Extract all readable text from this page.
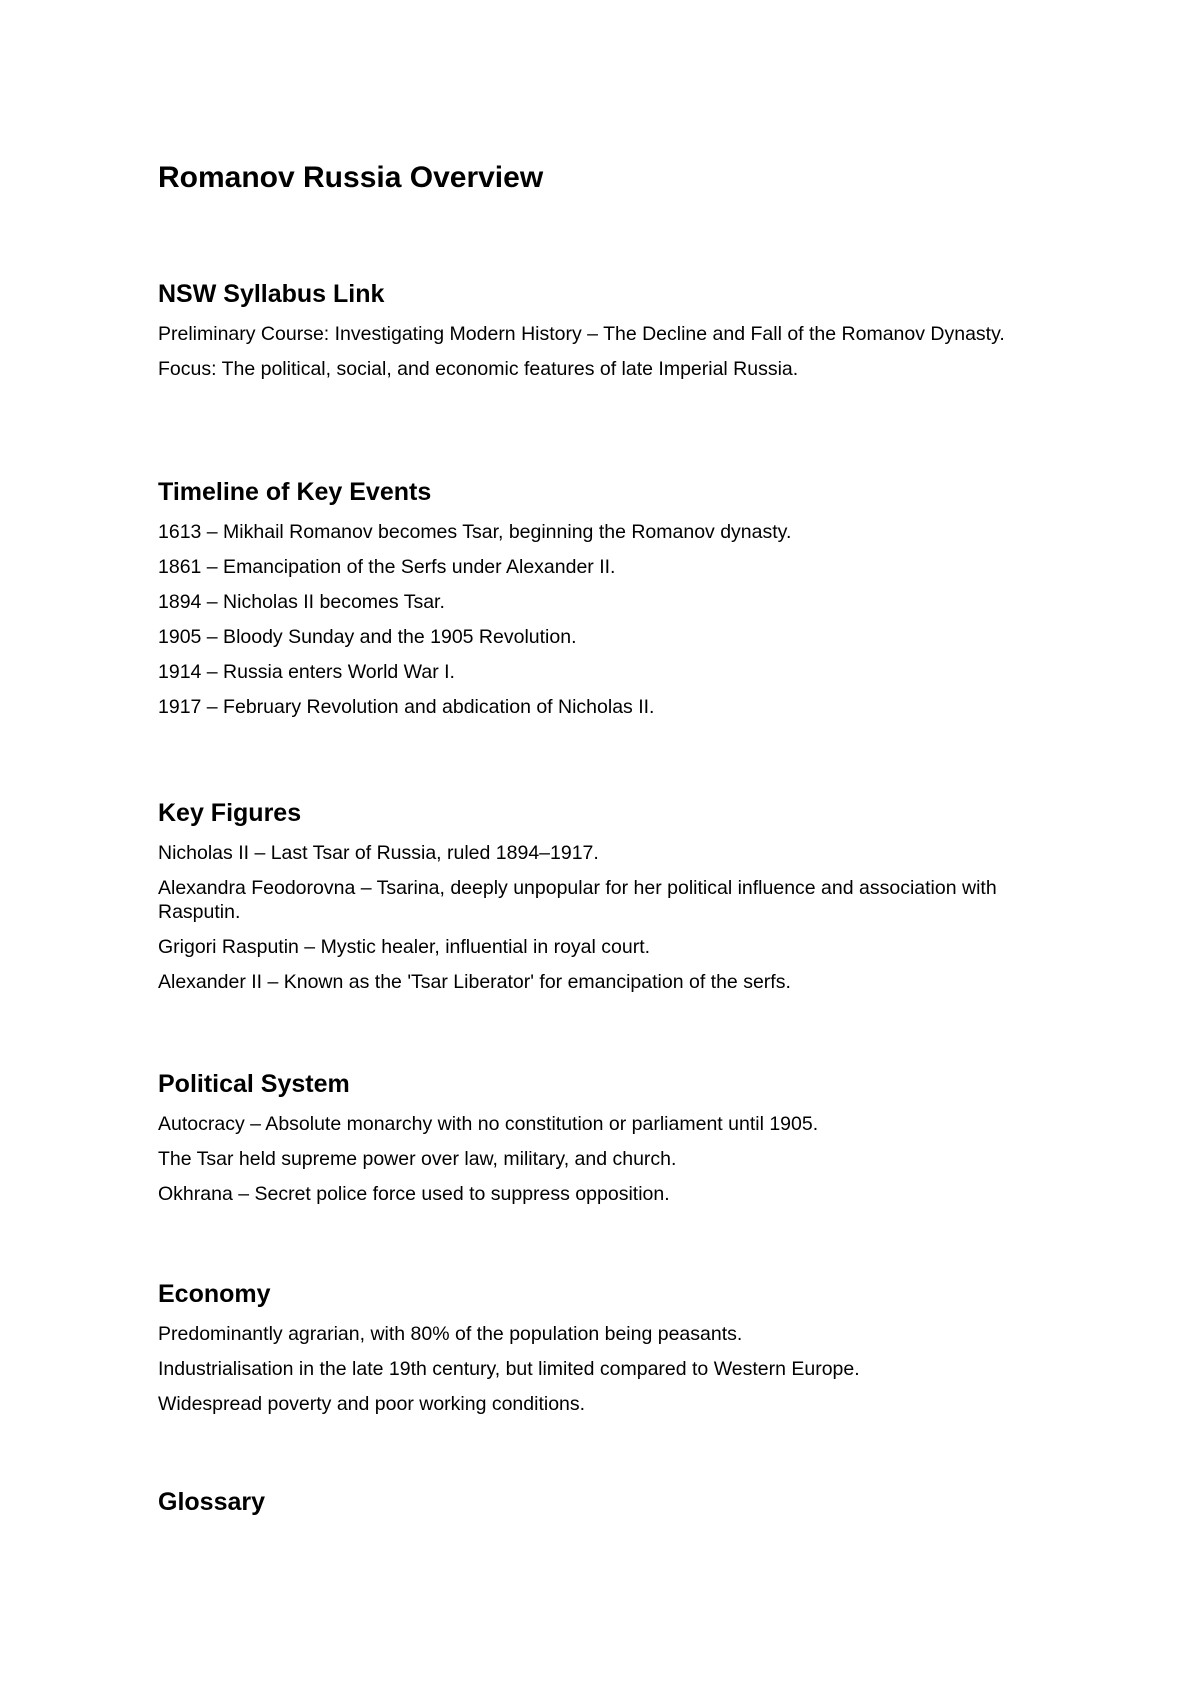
Romanov Russia Overview
NSW Syllabus Link

Preliminary Course: Investigating Modern History – The Decline and Fall of the Romanov Dynasty.

Focus: The political, social, and economic features of late Imperial Russia.

Timeline of Key Events

1613 – Mikhail Romanov becomes Tsar, beginning the Romanov dynasty.

1861 – Emancipation of the Serfs under Alexander II.

1894 – Nicholas II becomes Tsar.

1905 – Bloody Sunday and the 1905 Revolution.

1914 – Russia enters World War I.

1917 – February Revolution and abdication of Nicholas II.

Key Figures

Nicholas II – Last Tsar of Russia, ruled 1894–1917.

Alexandra Feodorovna – Tsarina, deeply unpopular for her political influence and association with Rasputin.

Grigori Rasputin – Mystic healer, influential in royal court.

Alexander II – Known as the 'Tsar Liberator' for emancipation of the serfs.

Political System

Autocracy – Absolute monarchy with no constitution or parliament until 1905.

The Tsar held supreme power over law, military, and church.

Okhrana – Secret police force used to suppress opposition.

Economy

Predominantly agrarian, with 80% of the population being peasants.

Industrialisation in the late 19th century, but limited compared to Western Europe.

Widespread poverty and poor working conditions.

Glossary
